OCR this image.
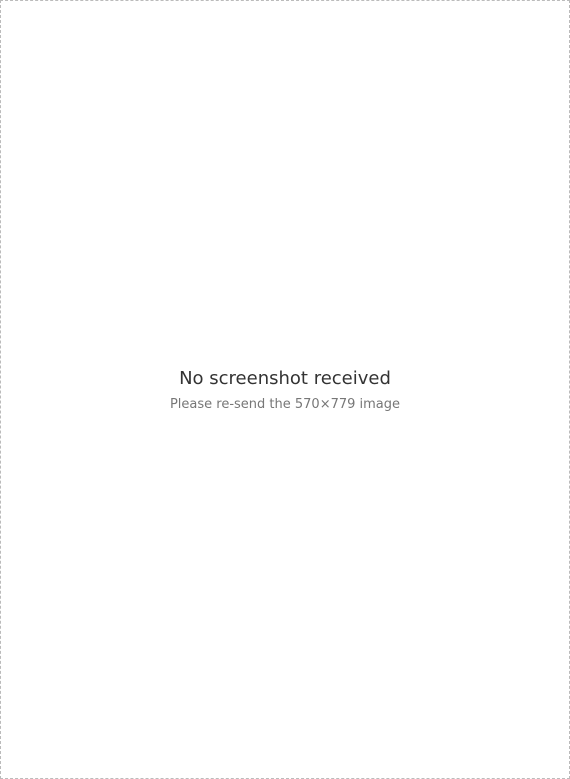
No screenshot received

Please re-send the 570×779 image
